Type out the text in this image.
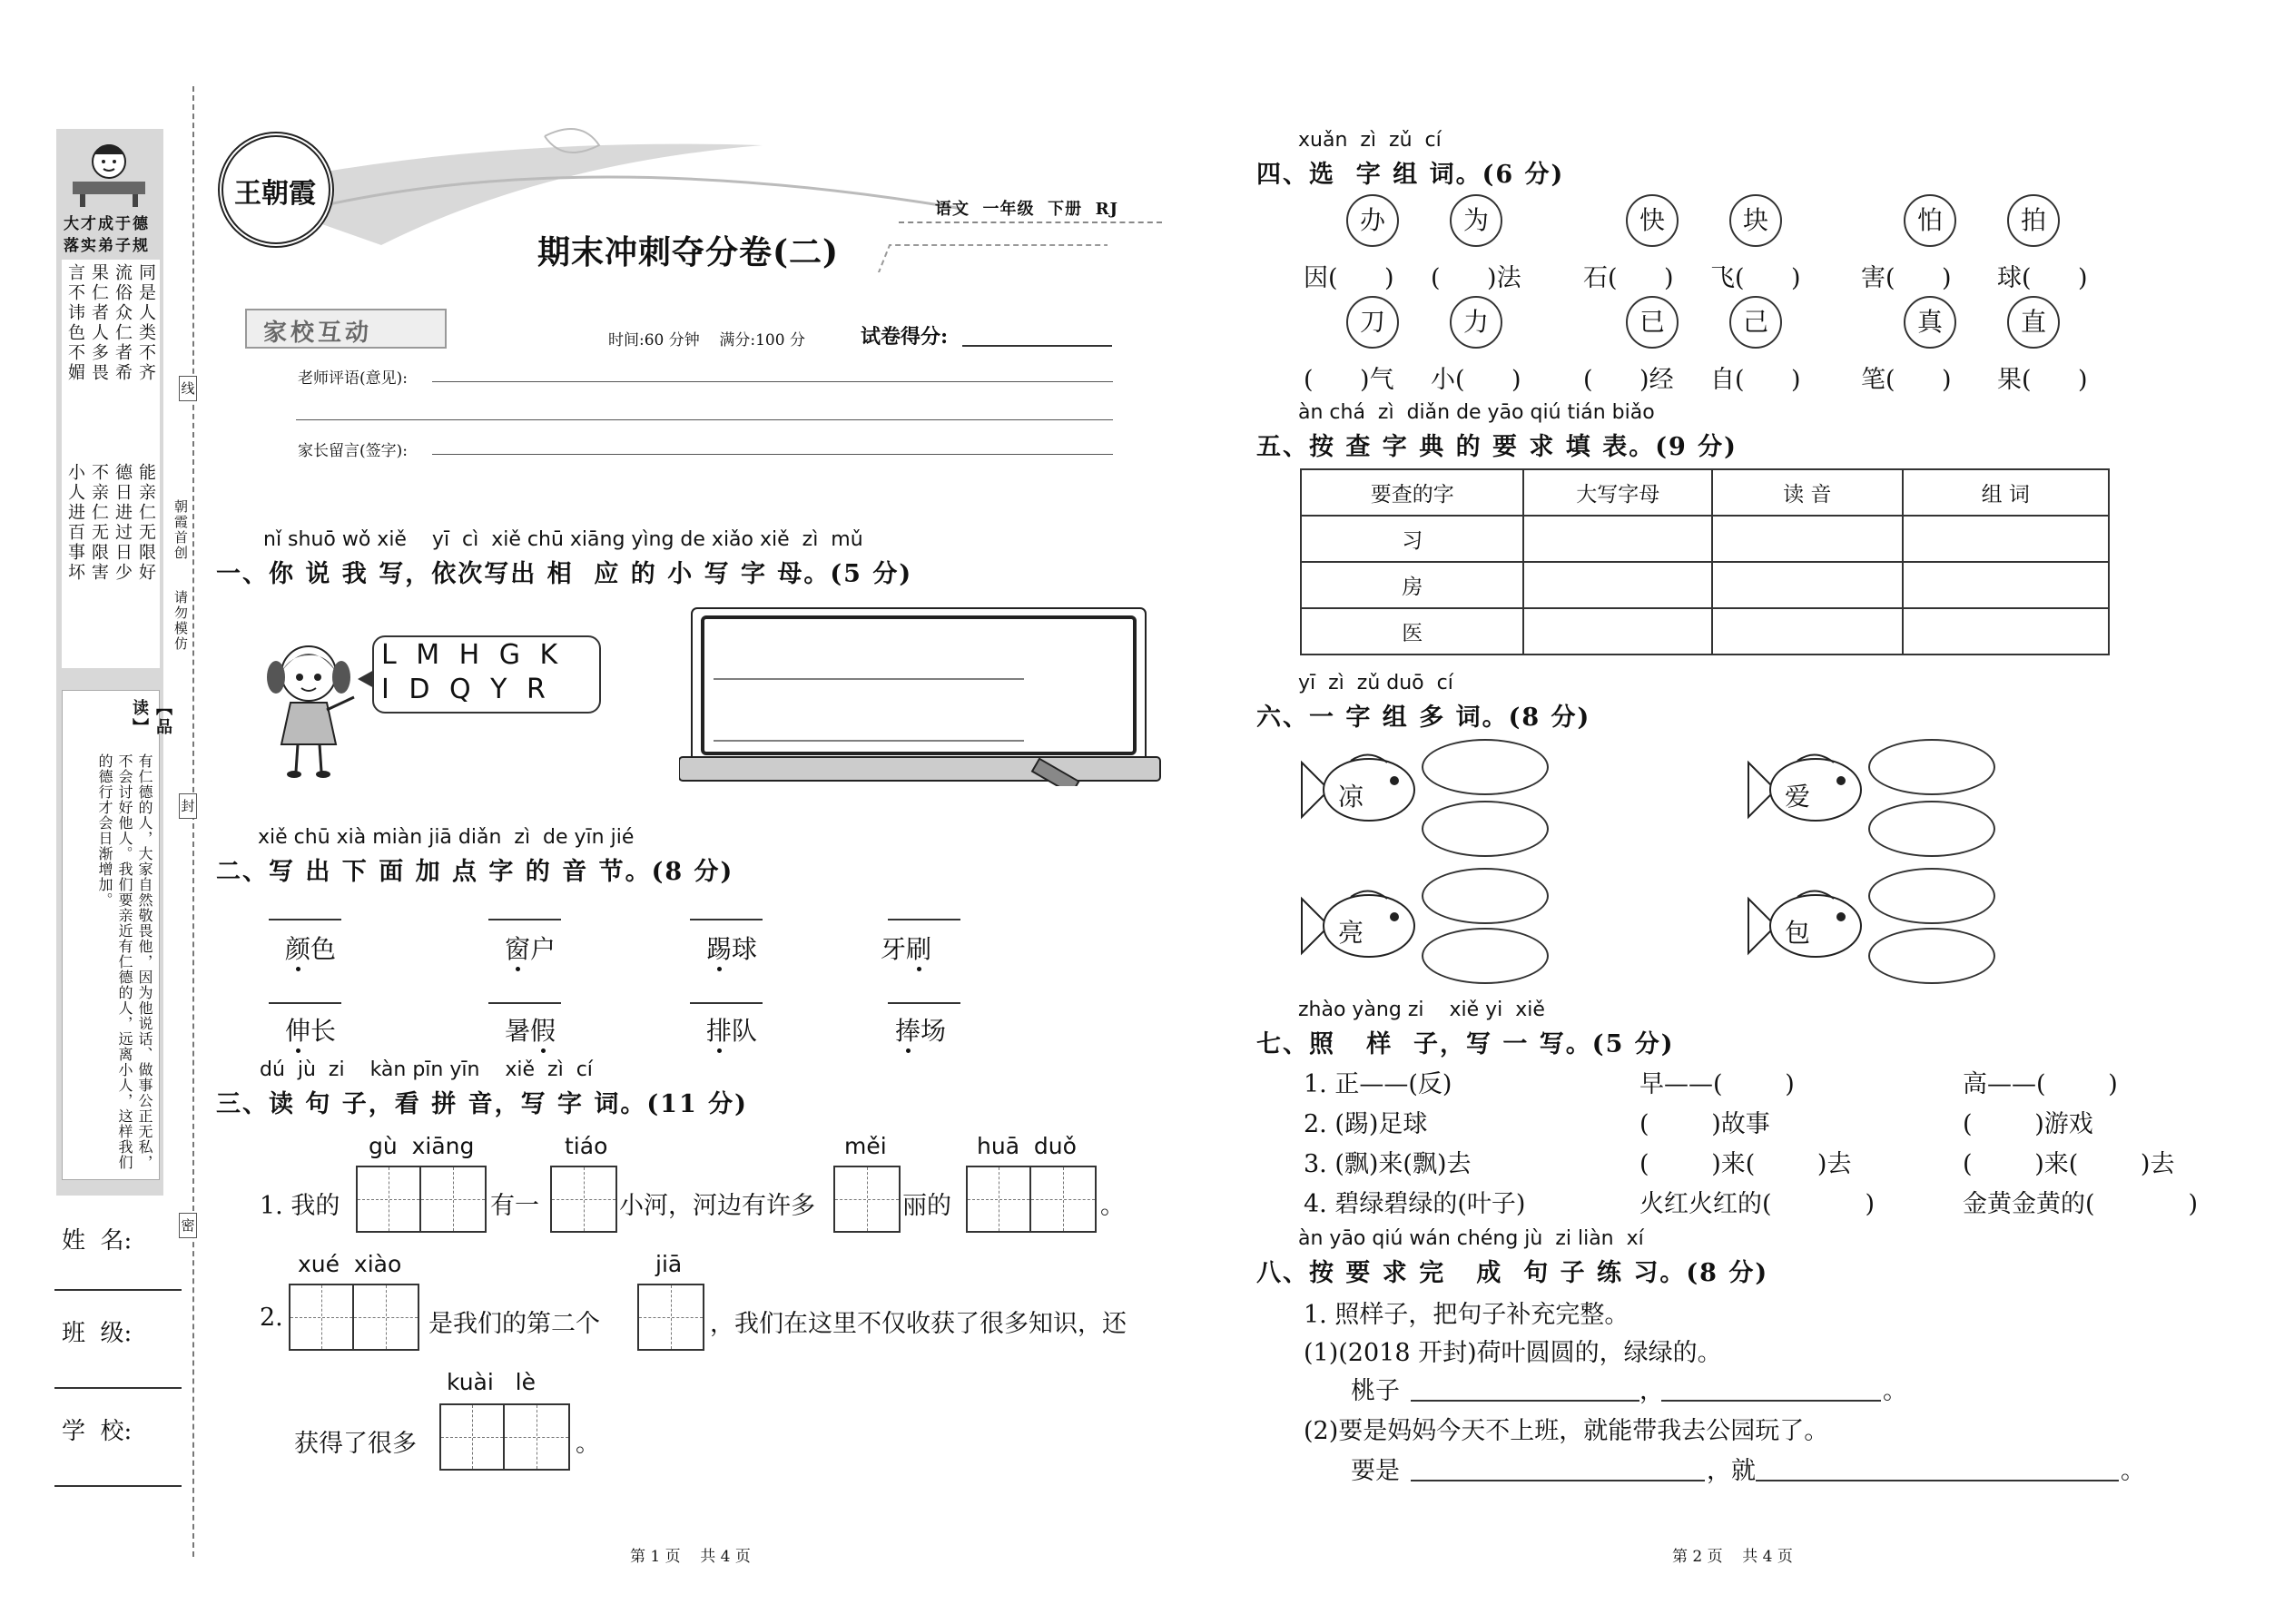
大才成于德
落实弟子规
同是人类不齐
流俗众仁者希
果仁者人多畏
言不讳色不媚
能亲仁无限好
德日进过日少
不亲仁无限害
小人进百事坏
【品读】
有仁德的人，大家自然敬畏他，因为他说话、做事公正无私，不会讨好他人。我们要亲近有仁德的人，远离小人，这样我们的德行才会日渐增加。
姓  名:
班  级:
学  校:
线
封
密
朝霞首创
请勿模仿
王朝霞
期末冲刺夺分卷(二)
语文  一年级  下册  RJ
家校互动	时间:60 分钟    满分:100 分	试卷得分:
老师评语(意见):
家长留言(签字):
nǐ shuō wǒ xiě    yī  cì  xiě chū xiāng yìng de xiǎo xiě  zì  mǔ
一、你 说 我 写，依次写出 相  应 的 小 写 字 母。(5 分)
L M H G K
I D Q Y R
xiě chū xià miàn jiā diǎn  zì  de yīn jié
二、写 出 下 面 加 点 字 的 音 节。(8 分)
颜色	窗户	踢球	牙刷
伸长	暑假	排队	捧场
dú  jù  zi    kàn pīn yīn    xiě  zì  cí
三、读 句 子，看 拼 音，写 字 词。(11 分)
gù  xiāng	tiáo	měi	huā  duǒ
1. 我的	有一	小河，河边有许多	丽的	。
xué  xiào	jiā
2.	是我们的第二个	，我们在这里不仅收获了很多知识，还
kuài   lè
获得了很多	。
第 1 页    共 4 页
xuǎn  zì  zǔ  cí
四、选  字 组 词。(6 分)
办	为	快	块	怕	拍
因(      ) (      )法	石(      ) 飞(      ) 害(      ) 球(      )
刀	力	已	己	真	直
(      )气 小(      )	(      )经 自(      ) 笔(      ) 果(      )
àn chá  zì  diǎn de yāo qiú tián biǎo
五、按 查 字 典 的 要 求 填 表。(9 分)
要查的字	大写字母	读 音	组 词
习			
房			
医			
yī  zì  zǔ duō  cí
六、一 字 组 多 词。(8 分)
凉	爱
亮	包
zhào yàng zi    xiě yi  xiě
七、照   样  子，写 一 写。(5 分)
1. 正——(反)	早——(        )	高——(        )
2. (踢)足球	(        )故事	(        )游戏
3. (飘)来(飘)去	(        )来(        )去	(        )来(        )去
4. 碧绿碧绿的(叶子)	火红火红的(            )	金黄金黄的(            )
àn yāo qiú wán chéng jù  zi liàn  xí
八、按 要 求 完   成  句 子 练 习。(8 分)
1. 照样子，把句子补充完整。
(1)(2018 开封)荷叶圆圆的，绿绿的。
桃子	，	。
(2)要是妈妈今天不上班，就能带我去公园玩了。
要是	，就	。
第 2 页    共 4 页
